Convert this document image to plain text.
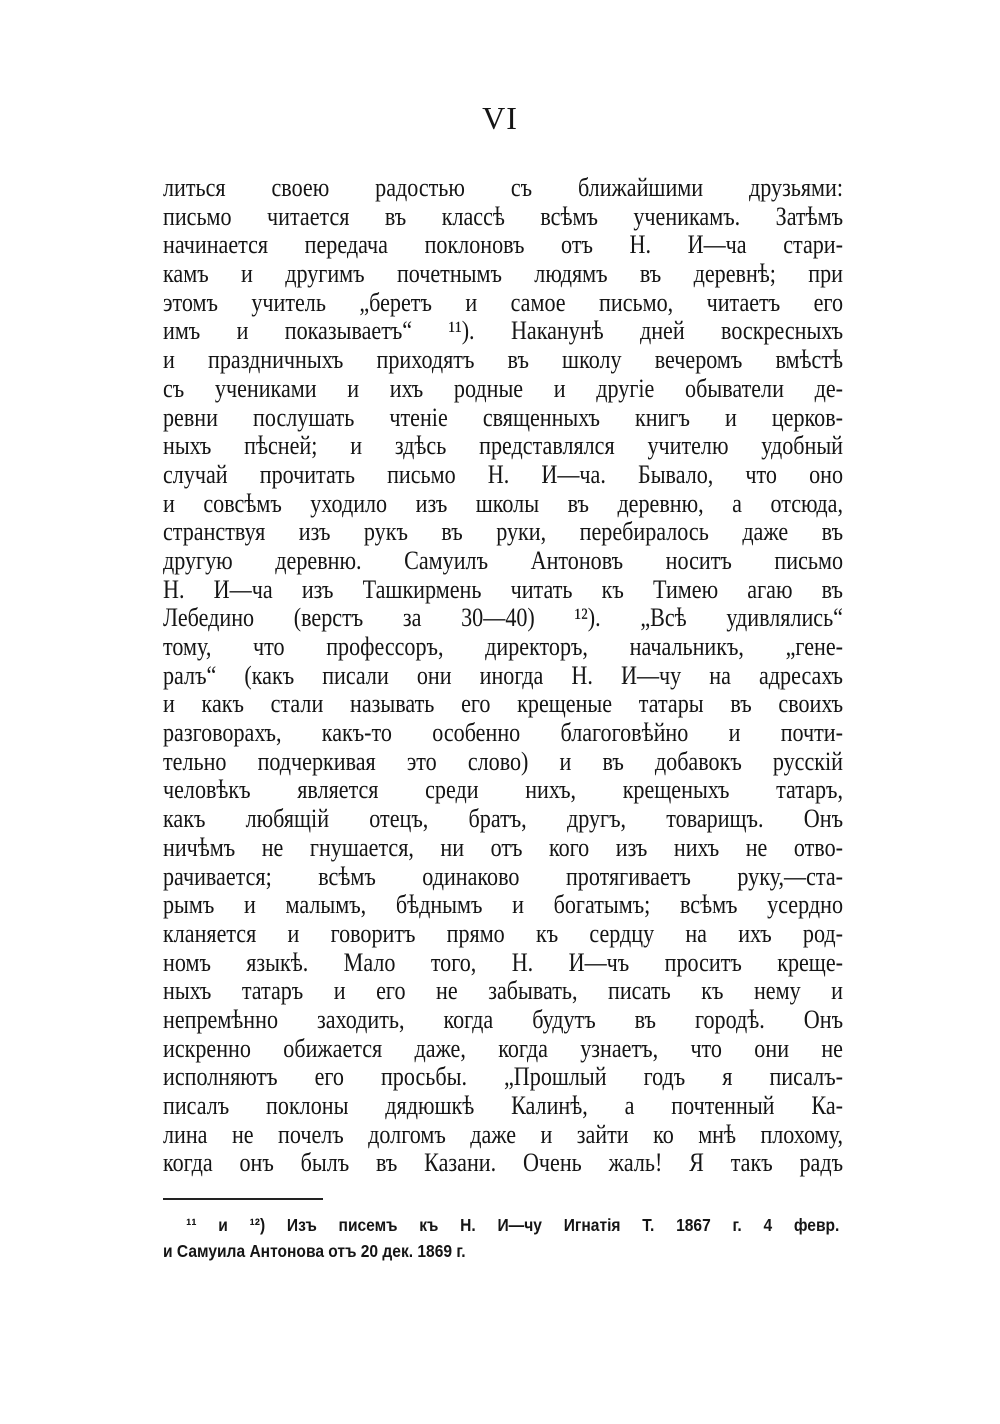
VI
литься своею радостью съ ближайшими друзьями:
письмо читается въ классѣ всѣмъ ученикамъ. Затѣмъ
начинается передача поклоновъ отъ Н. И—ча стари-
камъ и другимъ почетнымъ людямъ въ деревнѣ; при
этомъ учитель „беретъ и самое письмо, читаетъ его
имъ и показываетъ“ ¹¹). Наканунѣ дней воскресныхъ
и праздничныхъ приходятъ въ школу вечеромъ вмѣстѣ
съ учениками и ихъ родные и другіе обыватели де-
ревни послушать чтеніе священныхъ книгъ и церков-
ныхъ пѣсней; и здѣсь представлялся учителю удобный
случай прочитать письмо Н. И—ча. Бывало, что оно
и совсѣмъ уходило изъ школы въ деревню, а отсюда,
странствуя изъ рукъ въ руки, перебиралось даже въ
другую деревню. Самуилъ Антоновъ носитъ письмо
Н. И—ча изъ Ташкирмень читать къ Тимею агаю въ
Лебедино (верстъ за 30—40) ¹²). „Всѣ удивлялись“
тому, что профессоръ, директоръ, начальникъ, „гене-
ралъ“ (какъ писали они иногда Н. И—чу на адресахъ
и какъ стали называть его крещеные татары въ своихъ
разговорахъ, какъ-то особенно благоговѣйно и почти-
тельно подчеркивая это слово) и въ добавокъ русскій
человѣкъ является среди нихъ, крещеныхъ татаръ,
какъ любящій отецъ, братъ, другъ, товарищъ. Онъ
ничѣмъ не гнушается, ни отъ кого изъ нихъ не отво-
рачивается; всѣмъ одинаково протягиваетъ руку,—ста-
рымъ и малымъ, бѣднымъ и богатымъ; всѣмъ усердно
кланяется и говоритъ прямо къ сердцу на ихъ род-
номъ языкѣ. Мало того, Н. И—чъ проситъ креще-
ныхъ татаръ и его не забывать, писать къ нему и
непремѣнно заходить, когда будутъ въ городѣ. Онъ
искренно обижается даже, когда узнаетъ, что они не
исполняютъ его просьбы. „Прошлый годъ я писалъ-
писалъ поклоны дядюшкѣ Калинѣ, а почтенный Ка-
лина не почелъ долгомъ даже и зайти ко мнѣ плохому,
когда онъ былъ въ Казани. Очень жаль! Я такъ радъ
¹¹ и ¹²) Изъ писемъ къ Н. И—чу Игнатія Т. 1867 г. 4 февр.
и Самуила Антонова отъ 20 дек. 1869 г.
